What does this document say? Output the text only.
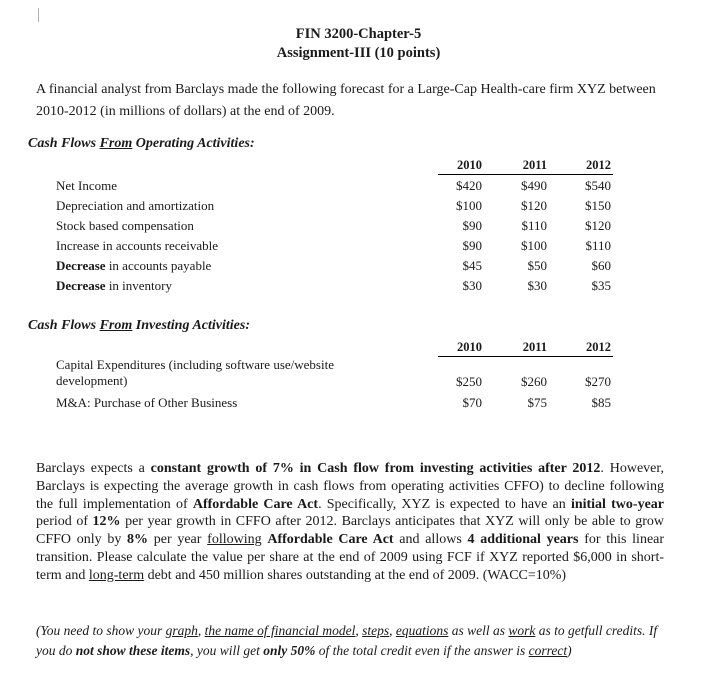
FIN 3200-Chapter-5
Assignment-III (10 points)
A financial analyst from Barclays made the following forecast for a Large-Cap Health-care firm XYZ between 2010-2012 (in millions of dollars) at the end of 2009.
Cash Flows From Operating Activities:
2010	2011	2012
Net Income	$420	$490	$540
Depreciation and amortization	$100	$120	$150
Stock based compensation	$90	$110	$120
Increase in accounts receivable	$90	$100	$110
Decrease in accounts payable	$45	$50	$60
Decrease in inventory	$30	$30	$35
Cash Flows From Investing Activities:
2010	2011	2012
Capital Expenditures (including software use/website development)	$250	$260	$270
M&A: Purchase of Other Business	$70	$75	$85
Barclays expects a constant growth of 7% in Cash flow from investing activities after 2012. However, Barclays is expecting the average growth in cash flows from operating activities CFFO) to decline following the full implementation of Affordable Care Act. Specifically, XYZ is expected to have an initial two-year period of 12% per year growth in CFFO after 2012. Barclays anticipates that XYZ will only be able to grow CFFO only by 8% per year following Affordable Care Act and allows 4 additional years for this linear transition. Please calculate the value per share at the end of 2009 using FCF if XYZ reported $6,000 in short-term and long-term debt and 450 million shares outstanding at the end of 2009. (WACC=10%)
(You need to show your graph, the name of financial model, steps, equations as well as work as to getfull credits. If you do not show these items, you will get only 50% of the total credit even if the answer is correct)
